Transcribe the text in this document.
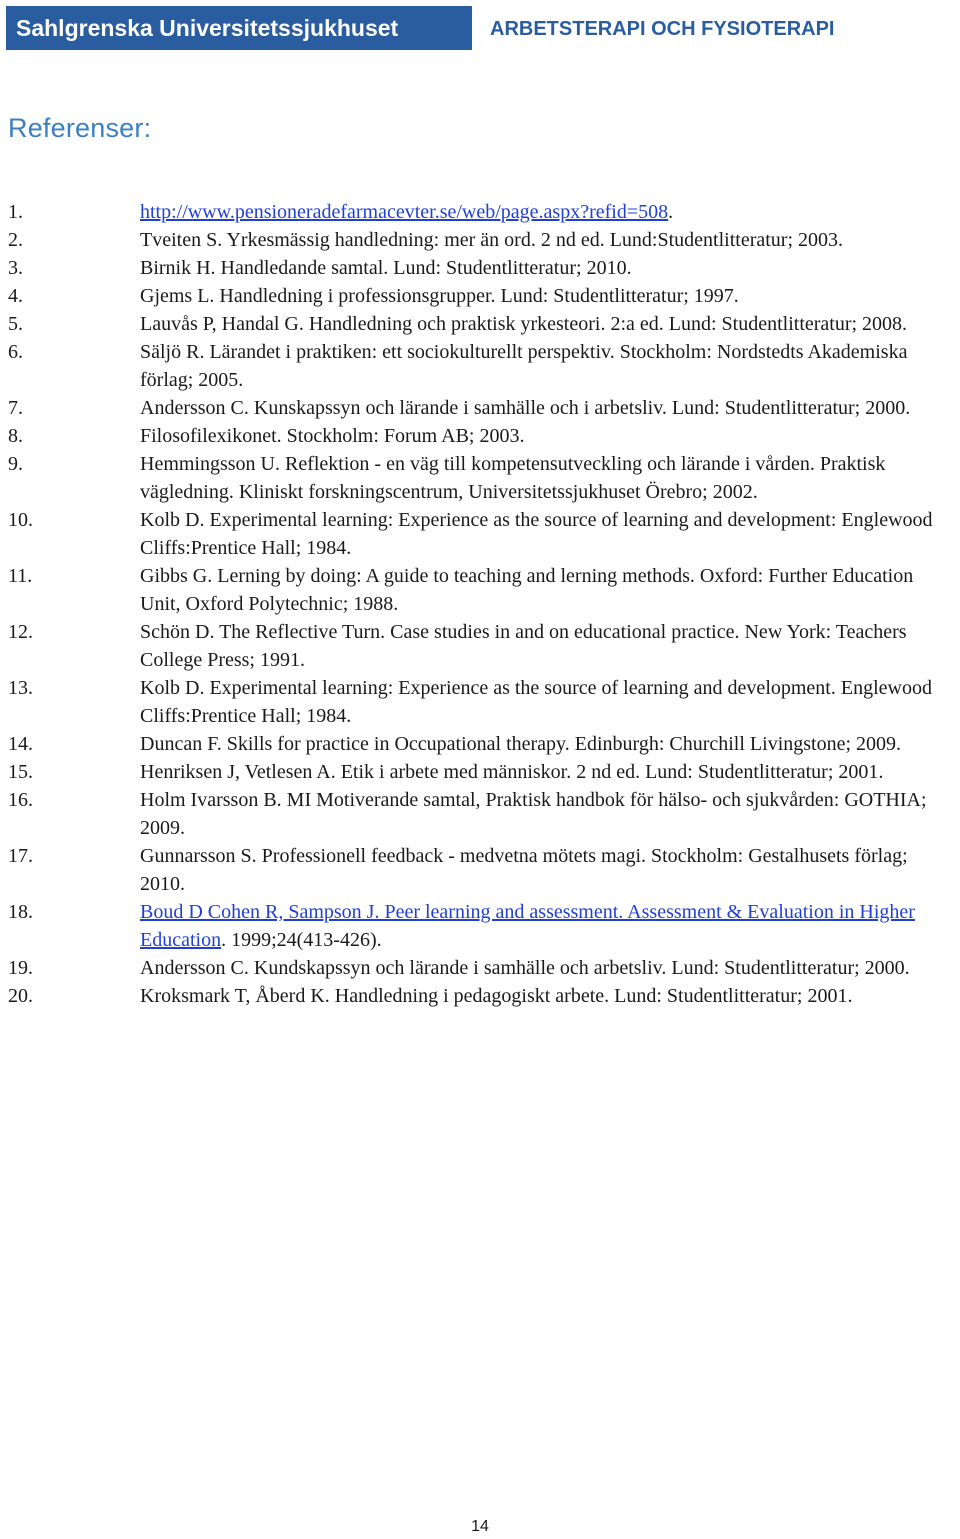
Sahlgrenska Universitetssjukhuset	ARBETSTERAPI OCH FYSIOTERAPI
Referenser:
1.	http://www.pensioneradefarmacevter.se/web/page.aspx?refid=508.
2.	Tveiten S. Yrkesmässig handledning: mer än ord. 2 nd ed. Lund:Studentlitteratur; 2003.
3.	Birnik H. Handledande samtal. Lund: Studentlitteratur; 2010.
4.	Gjems L. Handledning i professionsgrupper. Lund: Studentlitteratur; 1997.
5.	Lauvås P, Handal G. Handledning och praktisk yrkesteori. 2:a ed. Lund: Studentlitteratur; 2008.
6.	Säljö R. Lärandet i praktiken: ett sociokulturellt perspektiv. Stockholm: Nordstedts Akademiska förlag; 2005.
7.	Andersson C. Kunskapssyn och lärande i samhälle och i arbetsliv. Lund: Studentlitteratur; 2000.
8.	Filosofilexikonet. Stockholm: Forum AB; 2003.
9.	Hemmingsson U. Reflektion - en väg till kompetensutveckling och lärande i vården. Praktisk vägledning. Kliniskt forskningscentrum, Universitetssjukhuset Örebro; 2002.
10.	Kolb D. Experimental learning: Experience as the source of learning and development: Englewood Cliffs:Prentice Hall; 1984.
11.	Gibbs G. Lerning by doing: A guide to teaching and lerning methods. Oxford: Further Education Unit, Oxford Polytechnic; 1988.
12.	Schön D. The Reflective Turn. Case studies in and on educational practice. New York: Teachers College Press; 1991.
13.	Kolb D. Experimental learning: Experience as the source of learning and development. Englewood Cliffs:Prentice Hall; 1984.
14.	Duncan F. Skills for practice in Occupational therapy. Edinburgh: Churchill Livingstone; 2009.
15.	Henriksen J, Vetlesen A. Etik i arbete med människor. 2 nd ed. Lund: Studentlitteratur; 2001.
16.	Holm Ivarsson B. MI Motiverande samtal, Praktisk handbok för hälso- och sjukvården: GOTHIA; 2009.
17.	Gunnarsson S. Professionell feedback - medvetna mötets magi. Stockholm: Gestalhusets förlag; 2010.
18.	Boud D Cohen R, Sampson J. Peer learning and assessment. Assessment & Evaluation in Higher Education. 1999;24(413-426).
19.	Andersson C. Kundskapssyn och lärande i samhälle och arbetsliv. Lund: Studentlitteratur; 2000.
20.	Kroksmark T, Åberd K. Handledning i pedagogiskt arbete. Lund: Studentlitteratur; 2001.
14
